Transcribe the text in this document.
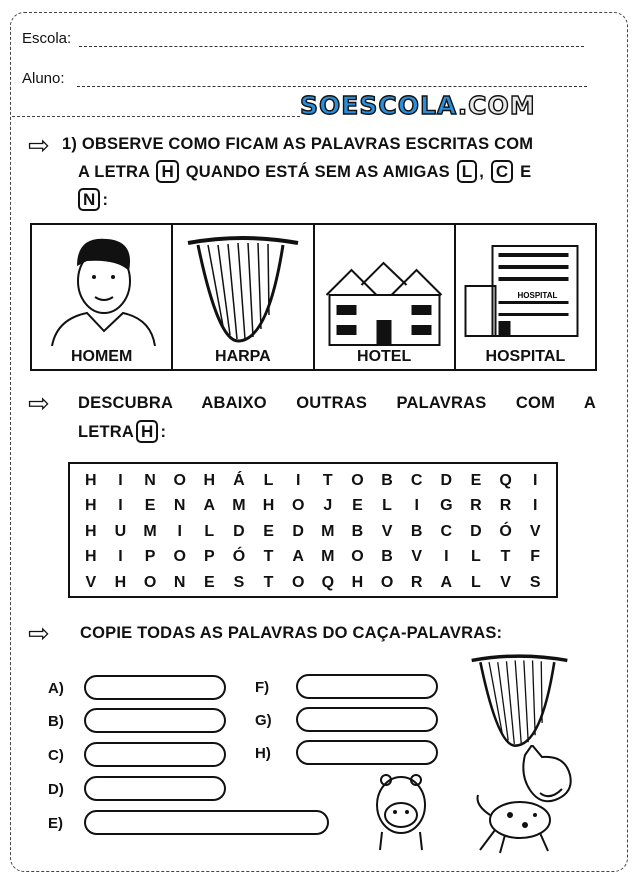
Escola:
Aluno:
SOESCOLA.COM
⇨ 1) OBSERVE COMO FICAM AS PALAVRAS ESCRITAS COM
A LETRA H QUANDO ESTÁ SEM AS AMIGAS L , C E
N :
HOMEM	HARPA	HOTEL
HOSPITAL
HOSPITAL
⇨ DESCUBRA ABAIXO OUTRAS PALAVRAS COM A
LETRA H :
H	I	N	O	H	Á	L	I	T	O	B	C	D	E	Q	I
H	I	E	N	A	M	H	O	J	E	L	I	G	R	R	I
H	U	M	I	L	D	E	D	M	B	V	B	C	D	Ó	V
H	I	P	O	P	Ó	T	A	M	O	B	V	I	L	T	F
V	H	O	N	E	S	T	O	Q	H	O	R	A	L	V	S
⇨ COPIE TODAS AS PALAVRAS DO CAÇA-PALAVRAS:
A)
B)
C)
D)
E)
F)
G)
H)
